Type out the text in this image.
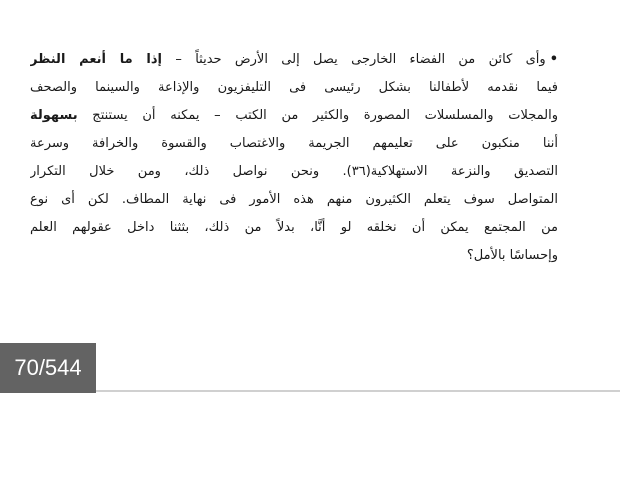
•وأى كائن من الفضاء الخارجى يصل إلى الأرض حديثاً – إذا ما أنعم النظر
فيما نقدمه لأطفالنا بشكل رئيسى فى التليفزيون والإذاعة والسينما والصحف
والمجلات والمسلسلات المصورة والكثير من الكتب – يمكنه أن يستنتج بسهولة
أننا منكبون على تعليمهم الجريمة والاغتصاب والقسوة والخرافة وسرعة
التصديق والنزعة الاستهلاكية(٣٦). ونحن نواصل ذلك، ومن خلال التكرار
المتواصل سوف يتعلم الكثيرون منهم هذه الأمور فى نهاية المطاف. لكن أى نوع
من المجتمع يمكن أن نخلقه لو أنَّا، بدلاً من ذلك، بثثنا داخل عقولهم العلم
وإحساسًا بالأمل؟
70/544
